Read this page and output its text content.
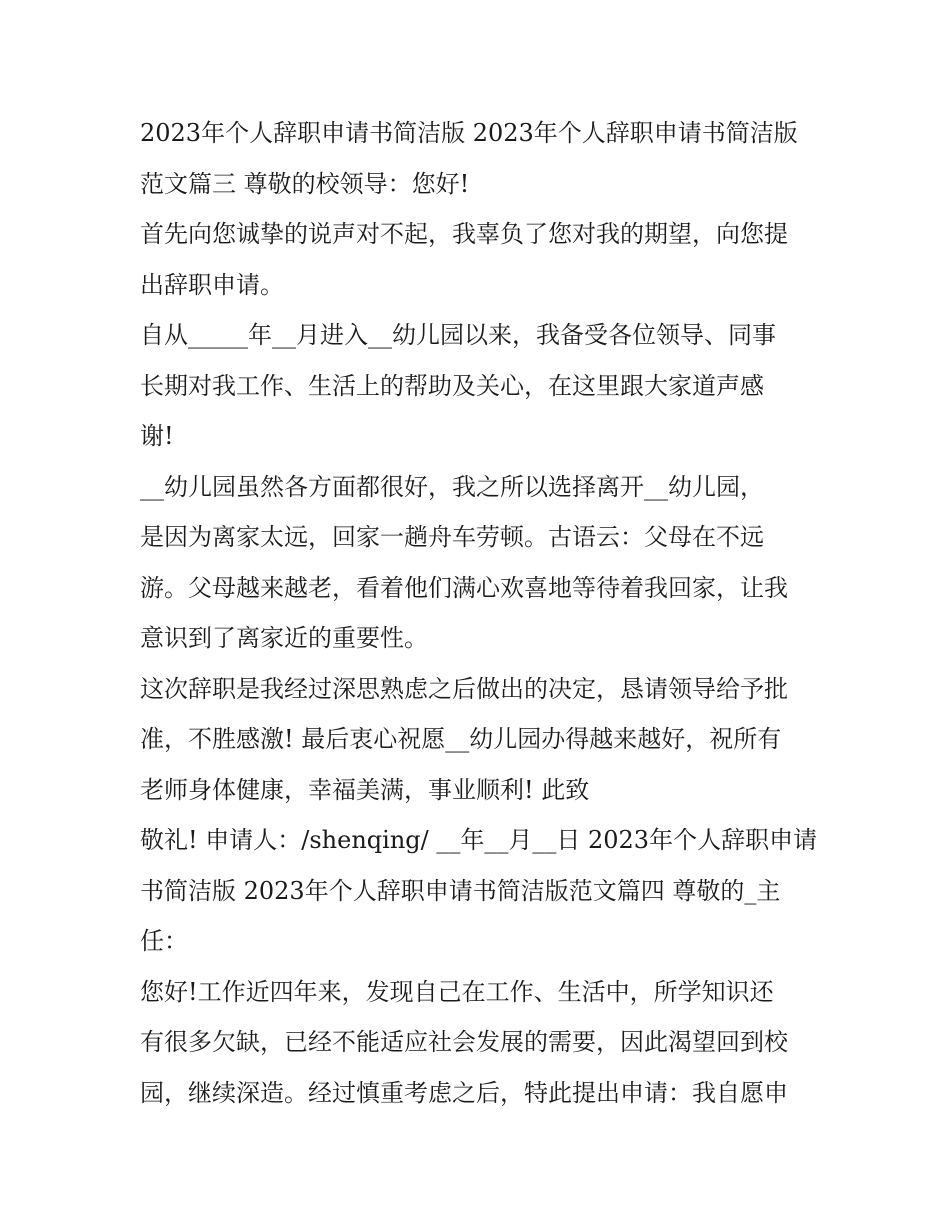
2023年个人辞职申请书简洁版 2023年个人辞职申请书简洁版
范文篇三 尊敬的校领导：您好!
首先向您诚挚的说声对不起，我辜负了您对我的期望，向您提
出辞职申请。
自从_____年__月进入__幼儿园以来，我备受各位领导、同事
长期对我工作、生活上的帮助及关心，在这里跟大家道声感
谢!
__幼儿园虽然各方面都很好，我之所以选择离开__幼儿园，
是因为离家太远，回家一趟舟车劳顿。古语云：父母在不远
游。父母越来越老，看着他们满心欢喜地等待着我回家，让我
意识到了离家近的重要性。
这次辞职是我经过深思熟虑之后做出的决定，恳请领导给予批
准，不胜感激! 最后衷心祝愿__幼儿园办得越来越好，祝所有
老师身体健康，幸福美满，事业顺利! 此致
敬礼! 申请人：/shenqing/ __年__月__日 2023年个人辞职申请
书简洁版 2023年个人辞职申请书简洁版范文篇四 尊敬的_主
任：
您好!工作近四年来，发现自己在工作、生活中，所学知识还
有很多欠缺，已经不能适应社会发展的需要，因此渴望回到校
园，继续深造。经过慎重考虑之后，特此提出申请：我自愿申
